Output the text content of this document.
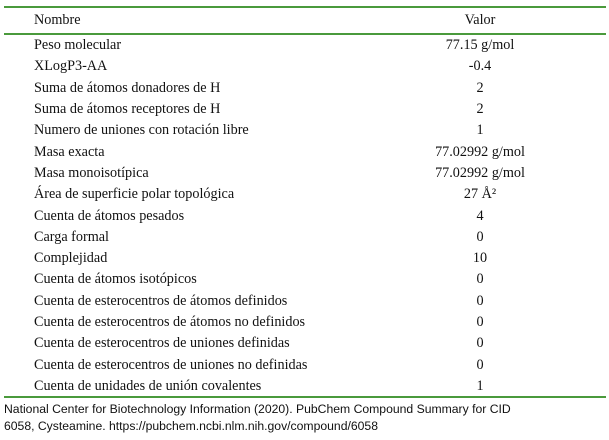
Nombre	Valor

Peso molecular	77.15 g/mol
XLogP3-AA	-0.4
Suma de átomos donadores de H	2
Suma de átomos receptores de H	2
Numero de uniones con rotación libre	1
Masa exacta	77.02992 g/mol
Masa monoisotípica	77.02992 g/mol
Área de superficie polar topológica	27 Å²
Cuenta de átomos pesados	4
Carga formal	0
Complejidad	10
Cuenta de átomos isotópicos	0
Cuenta de esterocentros de átomos definidos	0
Cuenta de esterocentros de átomos no definidos	0
Cuenta de esterocentros de uniones definidas	0
Cuenta de esterocentros de uniones no definidas	0
Cuenta de unidades de unión covalentes	1
National Center for Biotechnology Information (2020). PubChem Compound Summary for CID
6058, Cysteamine. https://pubchem.ncbi.nlm.nih.gov/compound/6058
